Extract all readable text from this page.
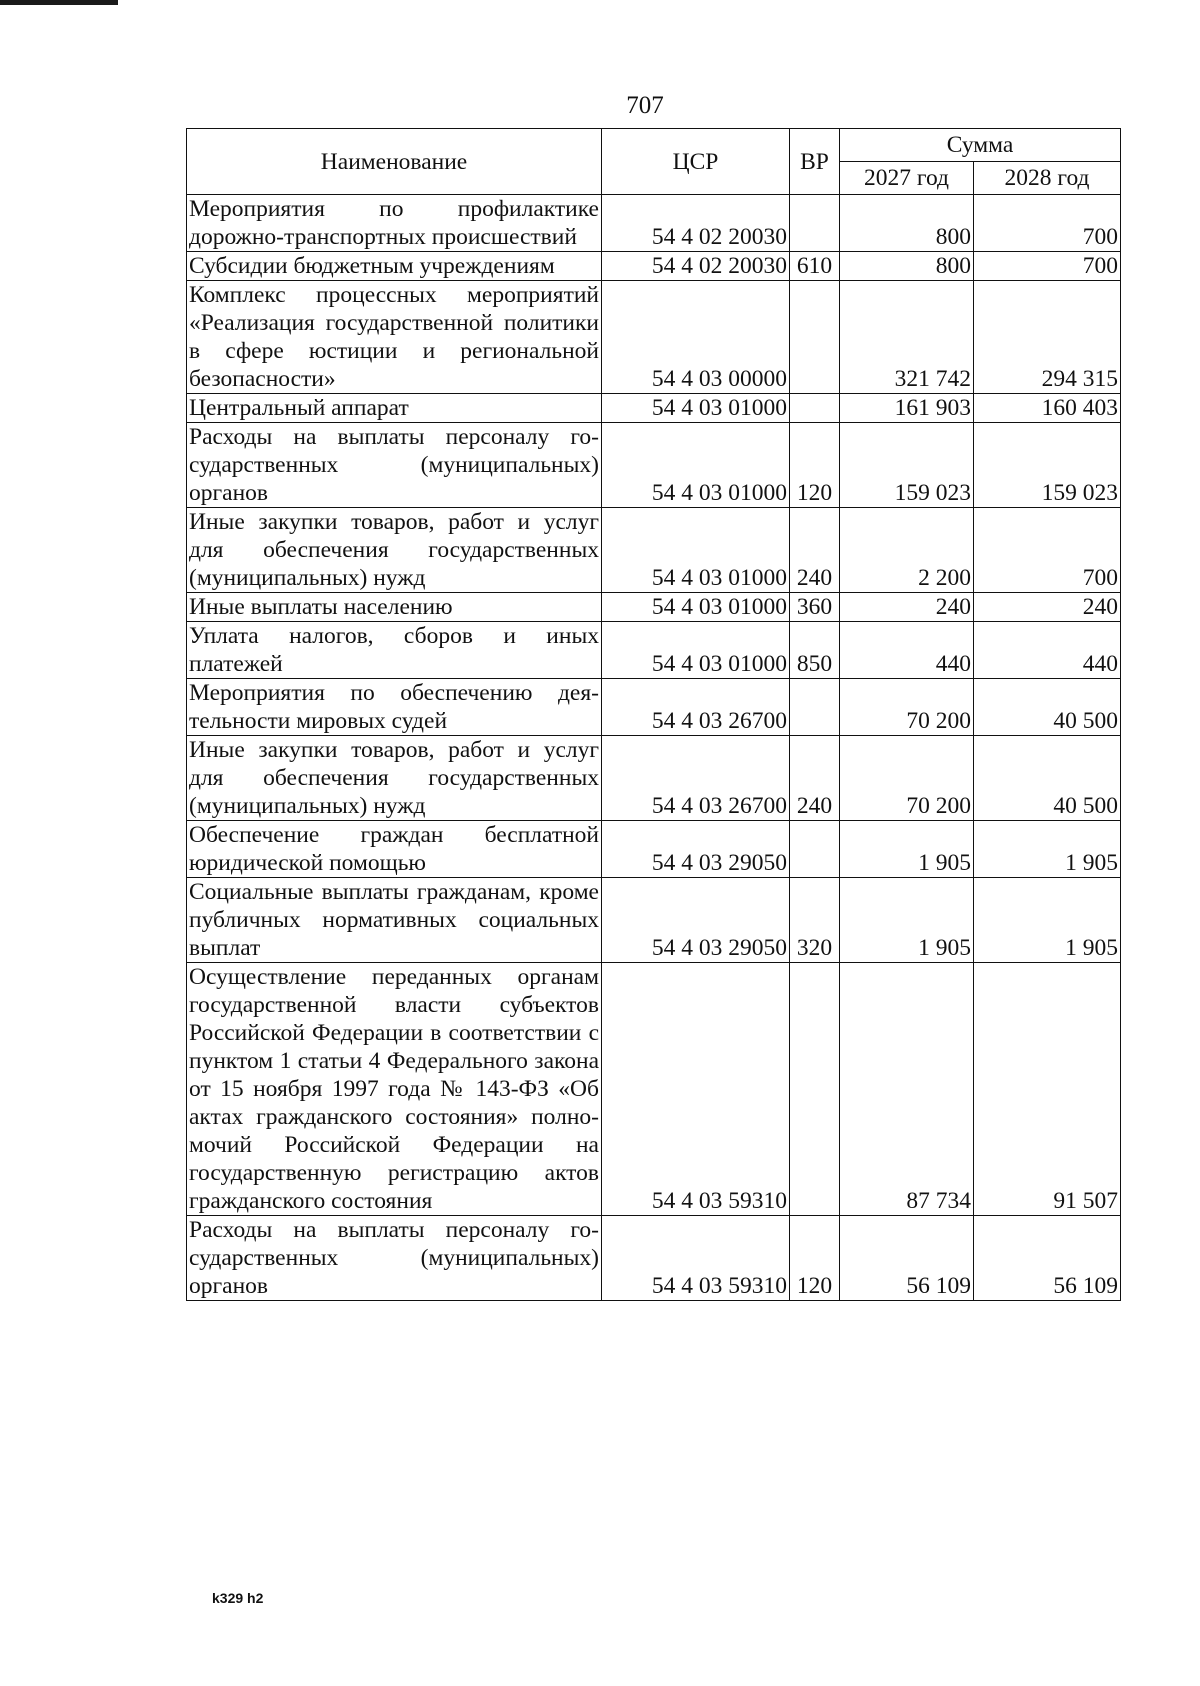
707
Наименование	ЦСР	ВР	Сумма	
			2027 год	2028 год
Мероприятия по профилактике дорожно-транспортных происшествий	54 4 02 20030		800	700
Субсидии бюджетным учреждениям	54 4 02 20030	610	800	700
Комплекс процессных мероприятий «Реализация государственной политики в сфере юстиции и региональной безопасности»	54 4 03 00000		321 742	294 315
Центральный аппарат	54 4 03 01000		161 903	160 403
Расходы на выплаты персоналу государственных (муниципальных) органов	54 4 03 01000	120	159 023	159 023
Иные закупки товаров, работ и услуг для обеспечения государственных (муниципальных) нужд	54 4 03 01000	240	2 200	700
Иные выплаты населению	54 4 03 01000	360	240	240
Уплата налогов, сборов и иных платежей	54 4 03 01000	850	440	440
Мероприятия по обеспечению деятельности мировых судей	54 4 03 26700		70 200	40 500
Иные закупки товаров, работ и услуг для обеспечения государственных (муниципальных) нужд	54 4 03 26700	240	70 200	40 500
Обеспечение граждан бесплатной юридической помощью	54 4 03 29050		1 905	1 905
Социальные выплаты гражданам, кроме публичных нормативных социальных выплат	54 4 03 29050	320	1 905	1 905
Осуществление переданных органам государственной власти субъектов Российской Федерации в соответствии с пунктом 1 статьи 4 Федерального закона от 15 ноября 1997 года № 143-ФЗ «Об актах гражданского состояния» полномочий Российской Федерации на государственную регистрацию актов гражданского состояния	54 4 03 59310		87 734	91 507
Расходы на выплаты персоналу государственных (муниципальных) органов	54 4 03 59310	120	56 109	56 109
k329 h2
